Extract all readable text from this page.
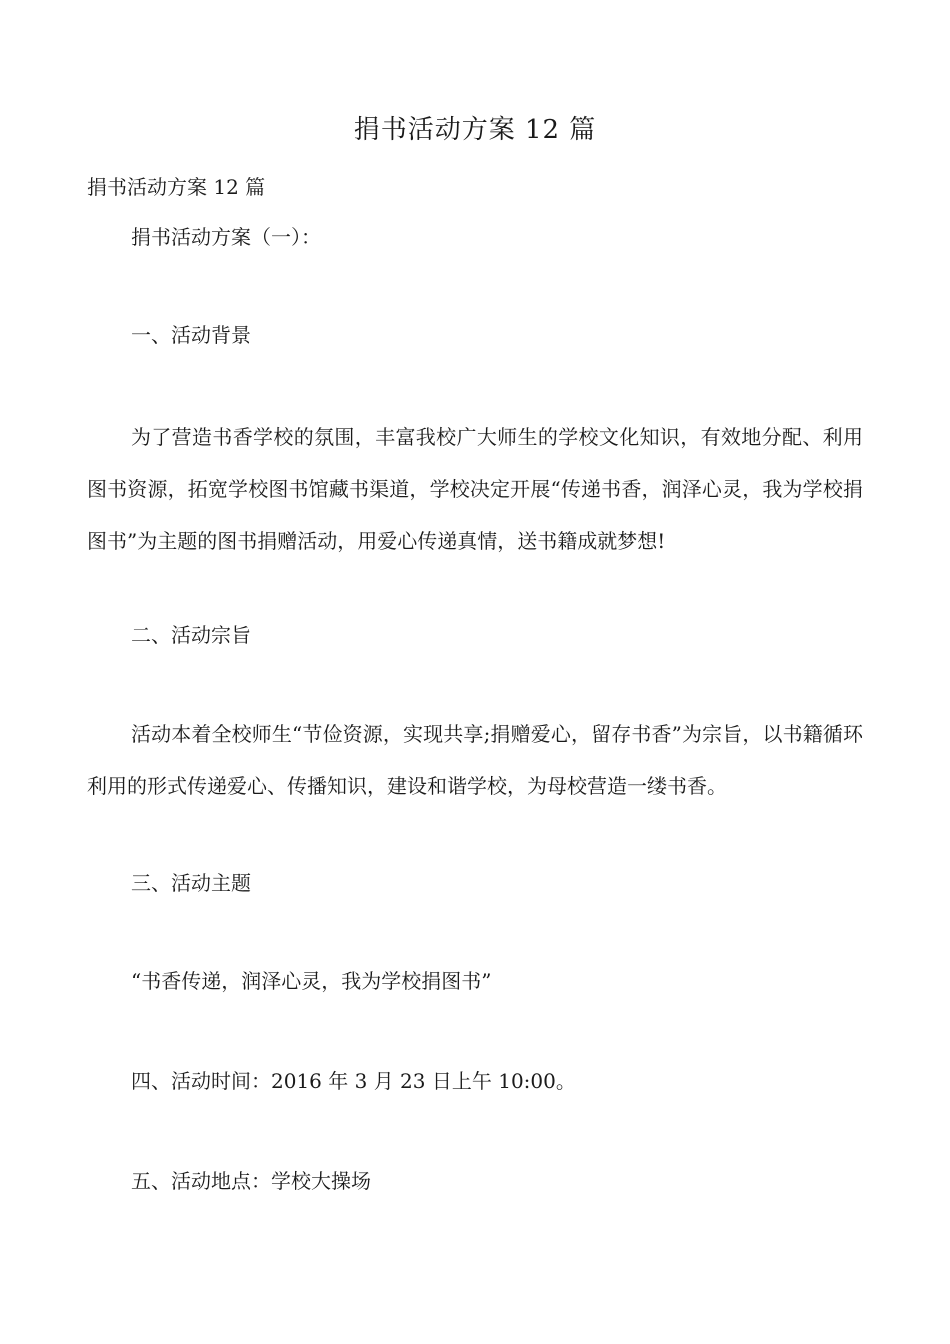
捐书活动方案 12 篇
捐书活动方案 12 篇
捐书活动方案（一）：
一、活动背景
为了营造书香学校的氛围，丰富我校广大师生的学校文化知识，有效地分配、利用图书资源，拓宽学校图书馆藏书渠道，学校决定开展“传递书香，润泽心灵，我为学校捐图书”为主题的图书捐赠活动，用爱心传递真情，送书籍成就梦想!
二、活动宗旨
活动本着全校师生“节俭资源，实现共享;捐赠爱心，留存书香”为宗旨，以书籍循环利用的形式传递爱心、传播知识，建设和谐学校，为母校营造一缕书香。
三、活动主题
“书香传递，润泽心灵，我为学校捐图书”
四、活动时间：2016 年 3 月 23 日上午 10:00。
五、活动地点：学校大操场
